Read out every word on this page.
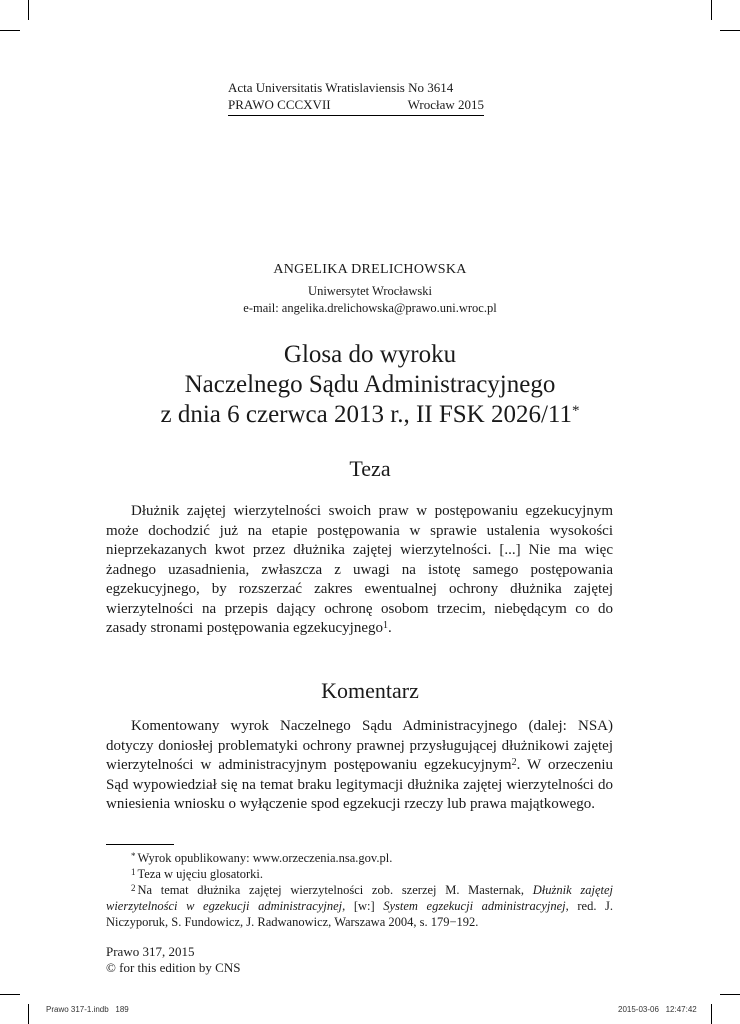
Acta Universitatis Wratislaviensis No 3614
PRAWO CCCXVII	Wrocław 2015
ANGELIKA DRELICHOWSKA
Uniwersytet Wrocławski
e-mail: angelika.drelichowska@prawo.uni.wroc.pl
Glosa do wyroku
Naczelnego Sądu Administracyjnego
z dnia 6 czerwca 2013 r., II FSK 2026/11*
Teza

Dłużnik zajętej wierzytelności swoich praw w postępowaniu egzekucyjnym może dochodzić już na etapie postępowania w sprawie ustalenia wysokości nieprzekazanych kwot przez dłużnika zajętej wierzytelności. [...] Nie ma więc żadnego uzasadnienia, zwłaszcza z uwagi na istotę samego postępowania egzekucyjnego, by rozszerzać zakres ewentualnej ochrony dłużnika zajętej wierzytelności na przepis dający ochronę osobom trzecim, niebędącym co do zasady stronami postępowania egzekucyjnego$^1$.

Komentarz

Komentowany wyrok Naczelnego Sądu Administracyjnego (dalej: NSA) dotyczy doniosłej problematyki ochrony prawnej przysługującej dłużnikowi zajętej wierzytelności w administracyjnym postępowaniu egzekucyjnym$^2$. W orzeczeniu Sąd wypowiedział się na temat braku legitymacji dłużnika zajętej wierzytelności do wniesienia wniosku o wyłączenie spod egzekucji rzeczy lub prawa majątkowego.

* Wyrok opublikowany: www.orzeczenia.nsa.gov.pl.
$^1$ Teza w ujęciu glosatorki.
$^2$ Na temat dłużnika zajętej wierzytelności zob. szerzej M. Masternak, Dłużnik zajętej wierzytelności w egzekucji administracyjnej, [w:] System egzekucji administracyjnej, red. J. Niczyporuk, S. Fundowicz, J. Radwanowicz, Warszawa 2004, s. 179−192.
Prawo 317, 2015
© for this edition by CNS
Prawo 317-1.indb   189	2015-03-06   12:47:42
